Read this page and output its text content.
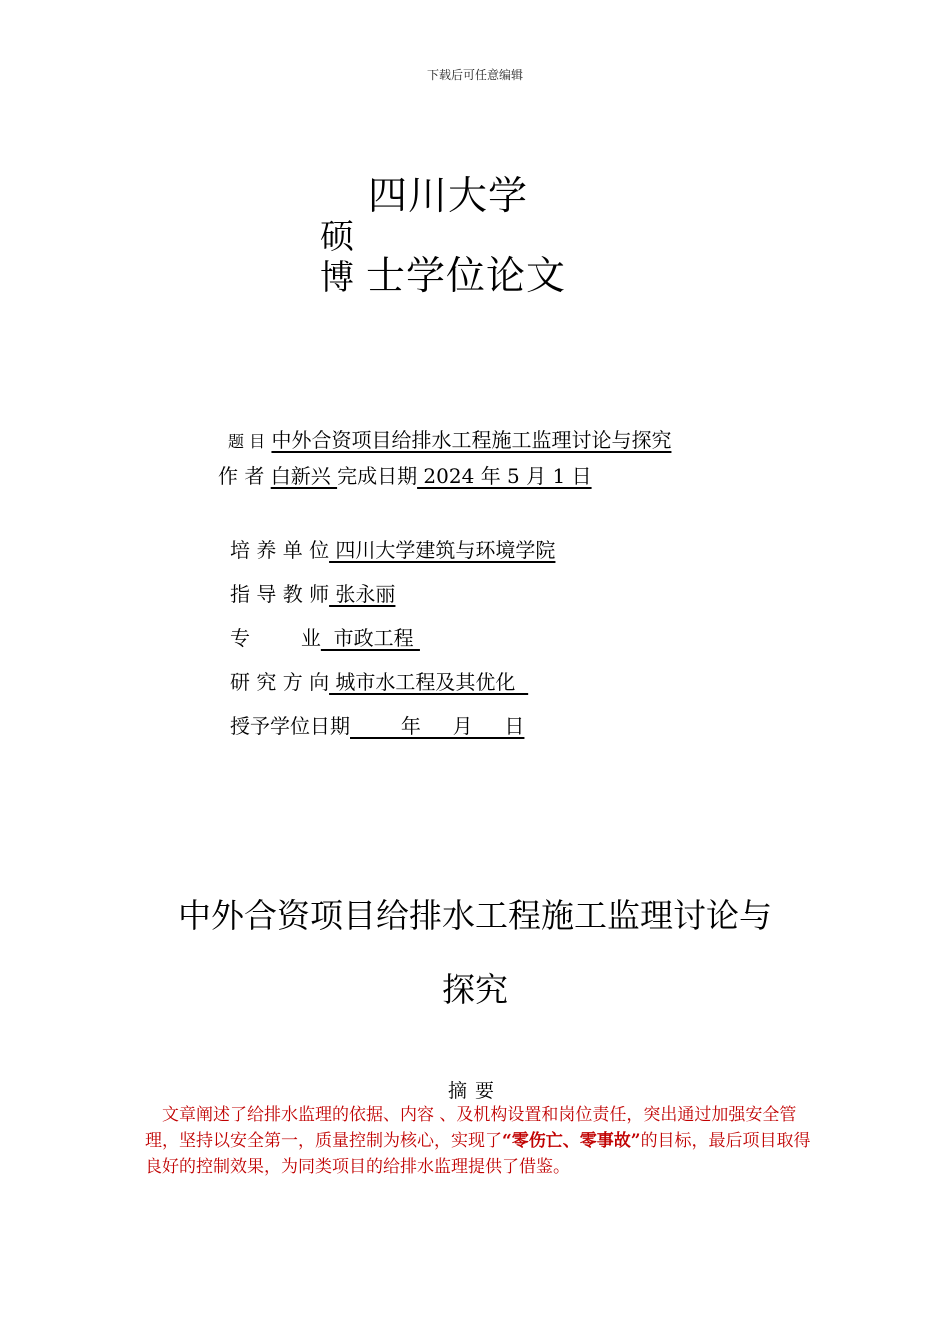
下载后可任意编辑
四川大学
硕
博 士学位论文
题 目 中外合资项目给排水工程施工监理讨论与探究
作 者 白新兴 完成日期 2024 年 5 月 1 日
培 养 单 位 四川大学建筑与环境学院
指 导 教 师 张永丽
专        业  市政工程
研 究 方 向 城市水工程及其优化
授予学位日期        年     月     日
中外合资项目给排水工程施工监理讨论与
探究
摘要
文章阐述了给排水监理的依据、内容 、及机构设置和岗位责任，突出通过加强安全管理，坚持以安全第一，质量控制为核心，实现了“零伤亡、零事故”的目标，最后项目取得良好的控制效果，为同类项目的给排水监理提供了借鉴。
